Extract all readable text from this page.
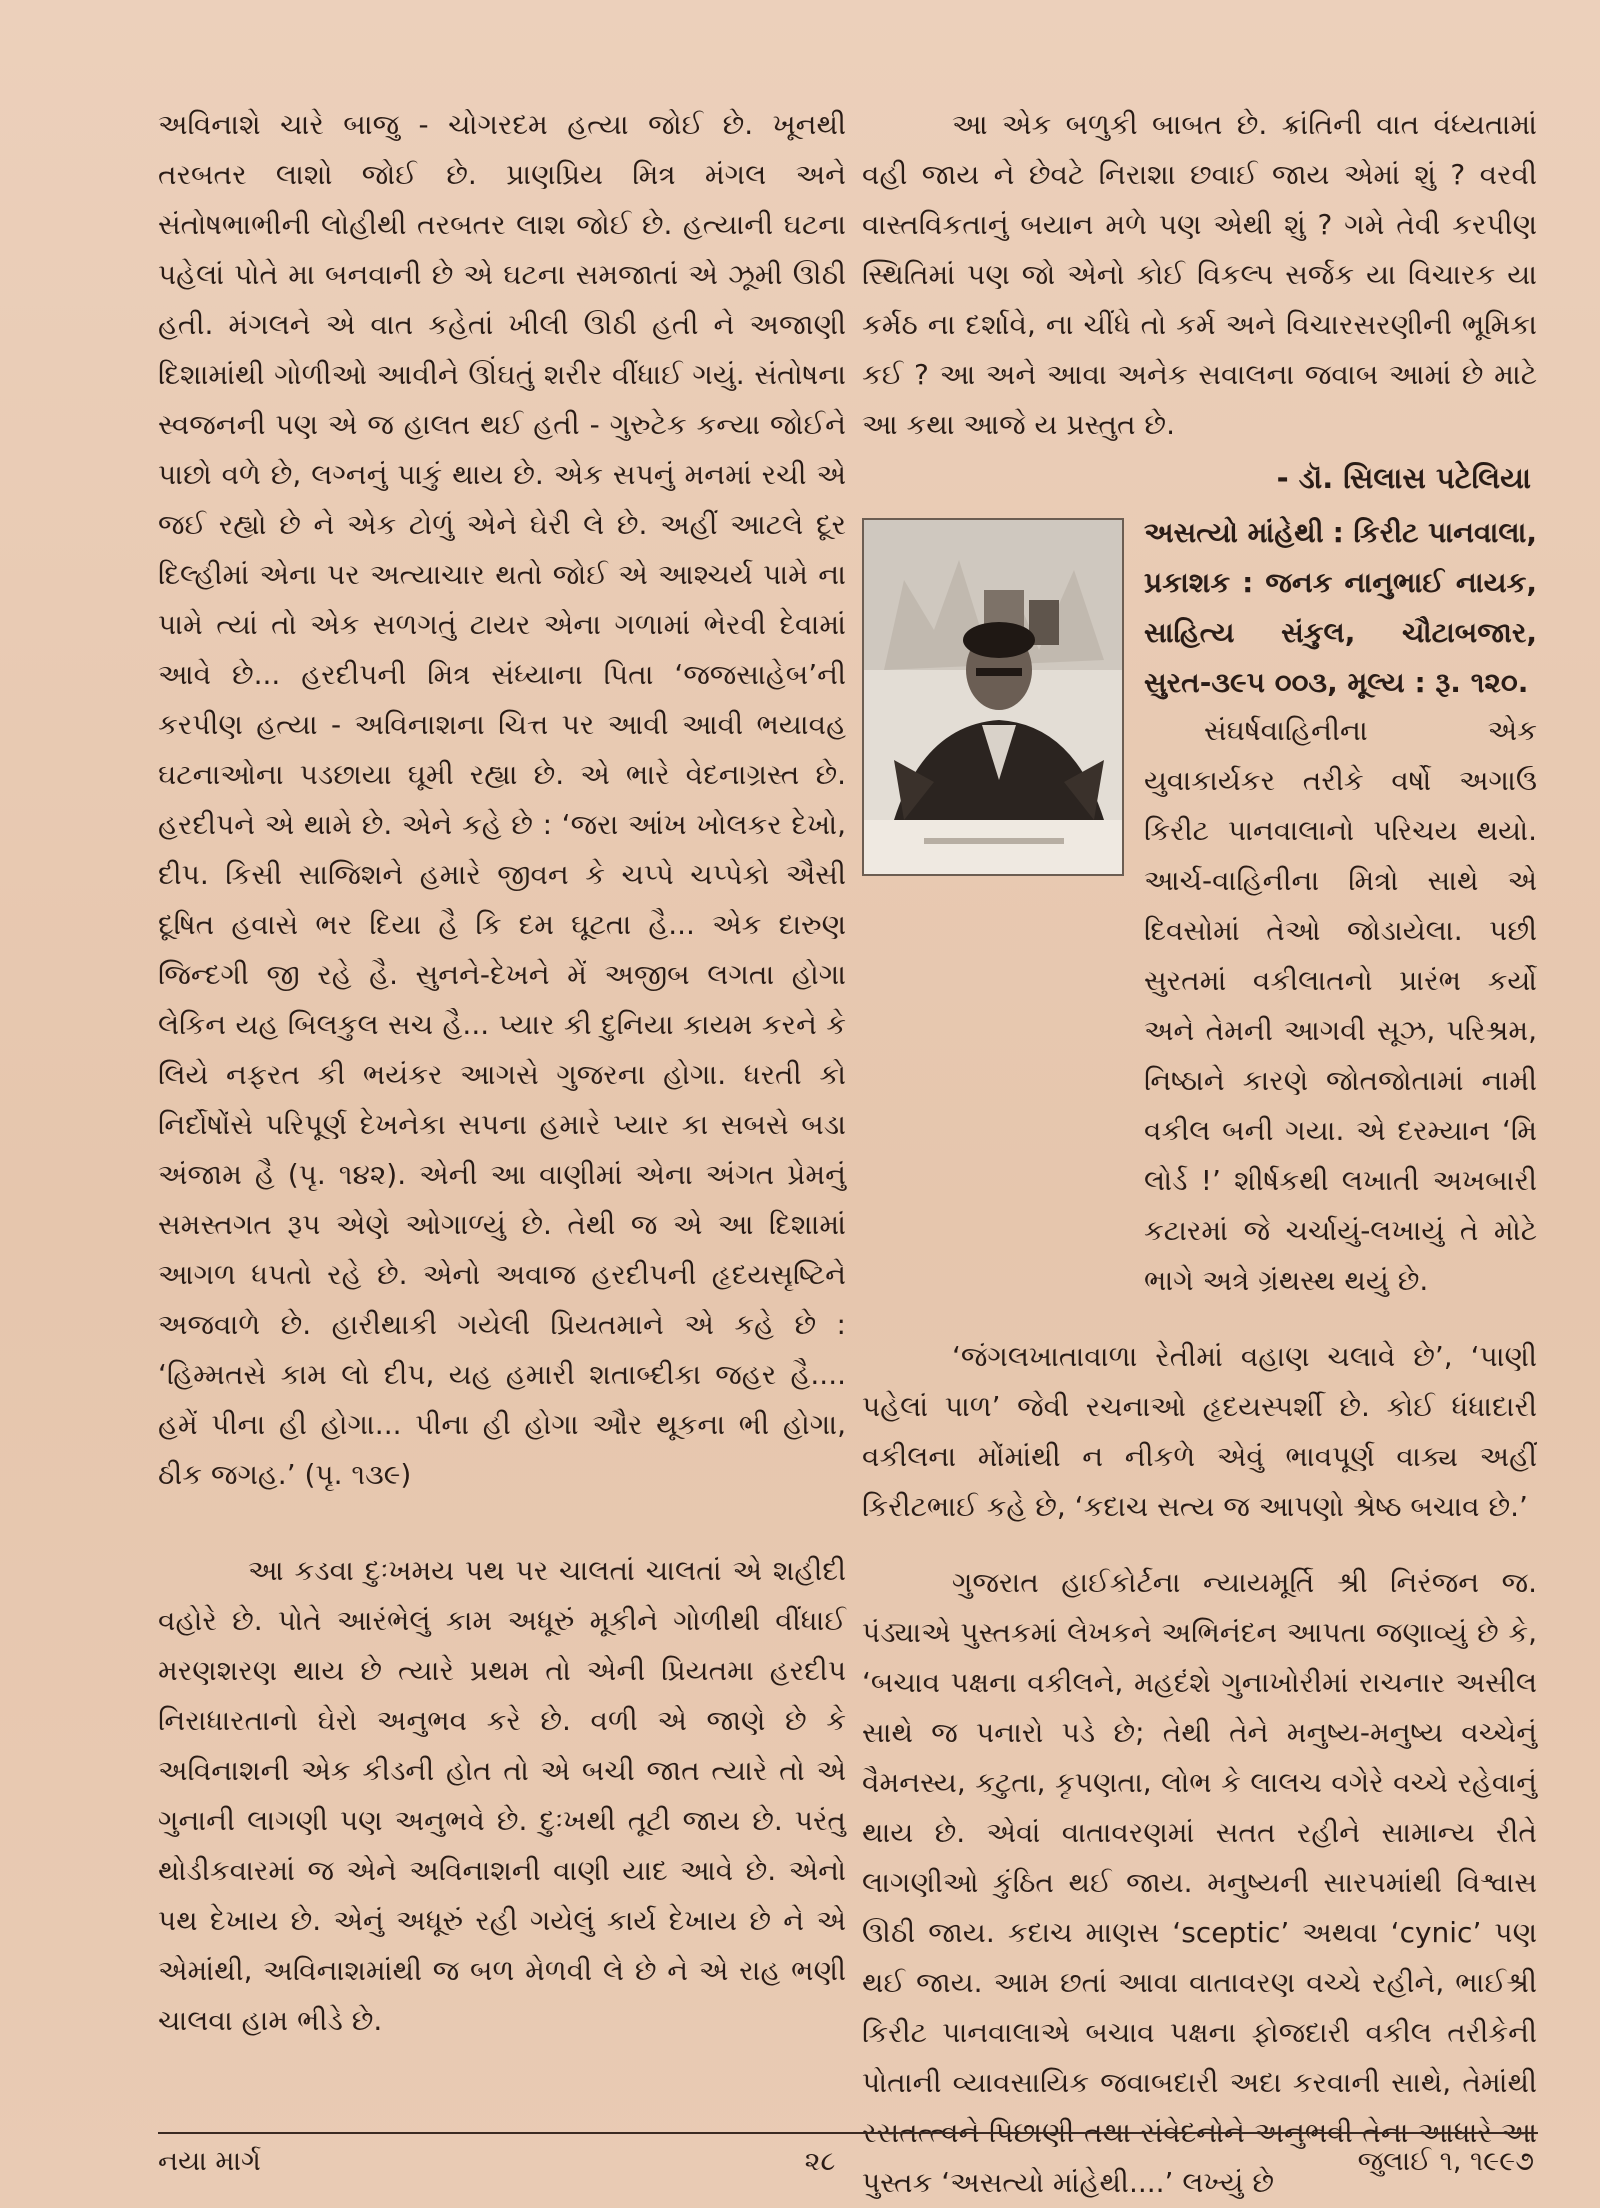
અવિનાશે ચારે બાજુ - ચોગરદમ હત્યા જોઈ છે. ખૂનથી તરબતર લાશો જોઈ છે. પ્રાણપ્રિય મિત્ર મંગલ અને સંતોષભાભીની લોહીથી તરબતર લાશ જોઈ છે. હત્યાની ઘટના પહેલાં પોતે મા બનવાની છે એ ઘટના સમજાતાં એ ઝૂમી ઊઠી હતી. મંગલને એ વાત કહેતાં ખીલી ઊઠી હતી ને અજાણી દિશામાંથી ગોળીઓ આવીને ઊંઘતું શરીર વીંધાઈ ગયું. સંતોષના સ્વજનની પણ એ જ હાલત થઈ હતી - ગુરુટેક કન્યા જોઈને પાછો વળે છે, લગ્નનું પાકું થાય છે. એક સપનું મનમાં રચી એ જઈ રહ્યો છે ને એક ટોળું એને ઘેરી લે છે. અહીં આટલે દૂર દિલ્હીમાં એના પર અત્યાચાર થતો જોઈ એ આશ્ચર્ય પામે ના પામે ત્યાં તો એક સળગતું ટાયર એના ગળામાં ભેરવી દેવામાં આવે છે... હરદીપની મિત્ર સંધ્યાના પિતા ‘જજસાહેબ’ની કરપીણ હત્યા - અવિનાશના ચિત્ત પર આવી આવી ભયાવહ ઘટનાઓના પડછાયા ઘૂમી રહ્યા છે. એ ભારે વેદનાગ્રસ્ત છે. હરદીપને એ થામે છે. એને કહે છે : ‘જરા આંખ ખોલકર દેખો, દીપ. કિસી સાજિશને હમારે જીવન કે ચપ્પે ચપ્પેકો ઐસી દૂષિત હવાસે ભર દિયા હૈ કિ દમ ઘૂટતા હૈ... એક દારુણ જિન્દગી જી રહે હૈ. સુનને-દેખને મેં અજીબ લગતા હોગા લેકિન યહ બિલકુલ સચ હૈ... પ્યાર કી દુનિયા કાયમ કરને કે લિયે નફરત કી ભયંકર આગસે ગુજરના હોગા. ધરતી કો નિર્દોષોંસે પરિપૂર્ણ દેખનેકા સપના હમારે પ્યાર કા સબસે બડા અંજામ હૈ (પૃ. ૧૪૨). એની આ વાણીમાં એના અંગત પ્રેમનું સમસ્તગત રૂપ એણે ઓગાળ્યું છે. તેથી જ એ આ દિશામાં આગળ ધપતો રહે છે. એનો અવાજ હરદીપની હૃદયસૃષ્ટિને અજવાળે છે. હારીથાકી ગયેલી પ્રિયતમાને એ કહે છે : ‘હિમ્મતસે કામ લો દીપ, યહ હમારી શતાબ્દીકા જહર હૈ.... હમેં પીના હી હોગા... પીના હી હોગા ઔર થૂકના ભી હોગા, ઠીક જગહ.’ (પૃ. ૧૩૯)

આ કડવા દુઃખમય પથ પર ચાલતાં ચાલતાં એ શહીદી વહોરે છે. પોતે આરંભેલું કામ અધૂરું મૂકીને ગોળીથી વીંધાઈ મરણશરણ થાય છે ત્યારે પ્રથમ તો એની પ્રિયતમા હરદીપ નિરાધારતાનો ઘેરો અનુભવ કરે છે. વળી એ જાણે છે કે અવિનાશની એક કીડની હોત તો એ બચી જાત ત્યારે તો એ ગુનાની લાગણી પણ અનુભવે છે. દુઃખથી તૂટી જાય છે. પરંતુ થોડીકવારમાં જ એને અવિનાશની વાણી યાદ આવે છે. એનો પથ દેખાય છે. એનું અધૂરું રહી ગયેલું કાર્ય દેખાય છે ને એ એમાંથી, અવિનાશમાંથી જ બળ મેળવી લે છે ને એ રાહ ભણી ચાલવા હામ ભીડે છે.

આ એક બળુકી બાબત છે. ક્રાંતિની વાત વંધ્યતામાં વહી જાય ને છેવટે નિરાશા છવાઈ જાય એમાં શું ? વરવી વાસ્તવિકતાનું બયાન મળે પણ એથી શું ? ગમે તેવી કરપીણ સ્થિતિમાં પણ જો એનો કોઈ વિકલ્પ સર્જક યા વિચારક યા કર્મઠ ના દર્શાવે, ના ચીંધે તો કર્મ અને વિચારસરણીની ભૂમિકા કઈ ? આ અને આવા અનેક સવાલના જવાબ આમાં છે માટે આ કથા આજે ય પ્રસ્તુત છે.

- ડૉ. સિલાસ પટેલિયા

અસત્યો માંહેથી : કિરીટ પાનવાલા, પ્રકાશક : જનક નાનુભાઈ નાયક, સાહિત્ય સંકુલ, ચૌટાબજાર, સુરત-૩૯૫ ૦૦૩, મૂલ્ય : રૂ. ૧૨૦.

સંઘર્ષવાહિનીના એક યુવાકાર્યકર તરીકે વર્ષો અગાઉ કિરીટ પાનવાલાનો પરિચય થયો. આર્ચ-વાહિનીના મિત્રો સાથે એ દિવસોમાં તેઓ જોડાયેલા. પછી સુરતમાં વકીલાતનો પ્રારંભ કર્યો અને તેમની આગવી સૂઝ, પરિશ્રમ, નિષ્ઠાને કારણે જોતજોતામાં નામી વકીલ બની ગયા. એ દરમ્યાન ‘મિ લોર્ડ !’ શીર્ષકથી લખાતી અખબારી કટારમાં જે ચર્ચાયું-લખાયું તે મોટે ભાગે અત્રે ગ્રંથસ્થ થયું છે.

‘જંગલખાતાવાળા રેતીમાં વહાણ ચલાવે છે’, ‘પાણી પહેલાં પાળ’ જેવી રચનાઓ હૃદયસ્પર્શી છે. કોઈ ધંધાદારી વકીલના મોંમાંથી ન નીકળે એવું ભાવપૂર્ણ વાક્ય અહીં કિરીટભાઈ કહે છે, ‘કદાચ સત્ય જ આપણો શ્રેષ્ઠ બચાવ છે.’

ગુજરાત હાઈકોર્ટના ન્યાયમૂર્તિ શ્રી નિરંજન જ. પંડ્યાએ પુસ્તકમાં લેખકને અભિનંદન આપતા જણાવ્યું છે કે, ‘બચાવ પક્ષના વકીલને, મહદંશે ગુનાખોરીમાં રાચનાર અસીલ સાથે જ પનારો પડે છે; તેથી તેને મનુષ્ય-મનુષ્ય વચ્ચેનું વૈમનસ્ય, કટુતા, કૃપણતા, લોભ કે લાલચ વગેરે વચ્ચે રહેવાનું થાય છે. એવાં વાતાવરણમાં સતત રહીને સામાન્ય રીતે લાગણીઓ કુંઠિત થઈ જાય. મનુષ્યની સારપમાંથી વિશ્વાસ ઊઠી જાય. કદાચ માણસ ‘sceptic’ અથવા ‘cynic’ પણ થઈ જાય. આમ છતાં આવા વાતાવરણ વચ્ચે રહીને, ભાઈશ્રી કિરીટ પાનવાલાએ બચાવ પક્ષના ફોજદારી વકીલ તરીકેની પોતાની વ્યાવસાયિક જવાબદારી અદા કરવાની સાથે, તેમાંથી રસતત્ત્વને પિછાણી તથા સંવેદનોને અનુભવી તેના આધારે આ પુસ્તક ‘અસત્યો માંહેથી....’ લખ્યું છે

નયા માર્ગ	૨૮	જુલાઈ ૧, ૧૯૯૭
